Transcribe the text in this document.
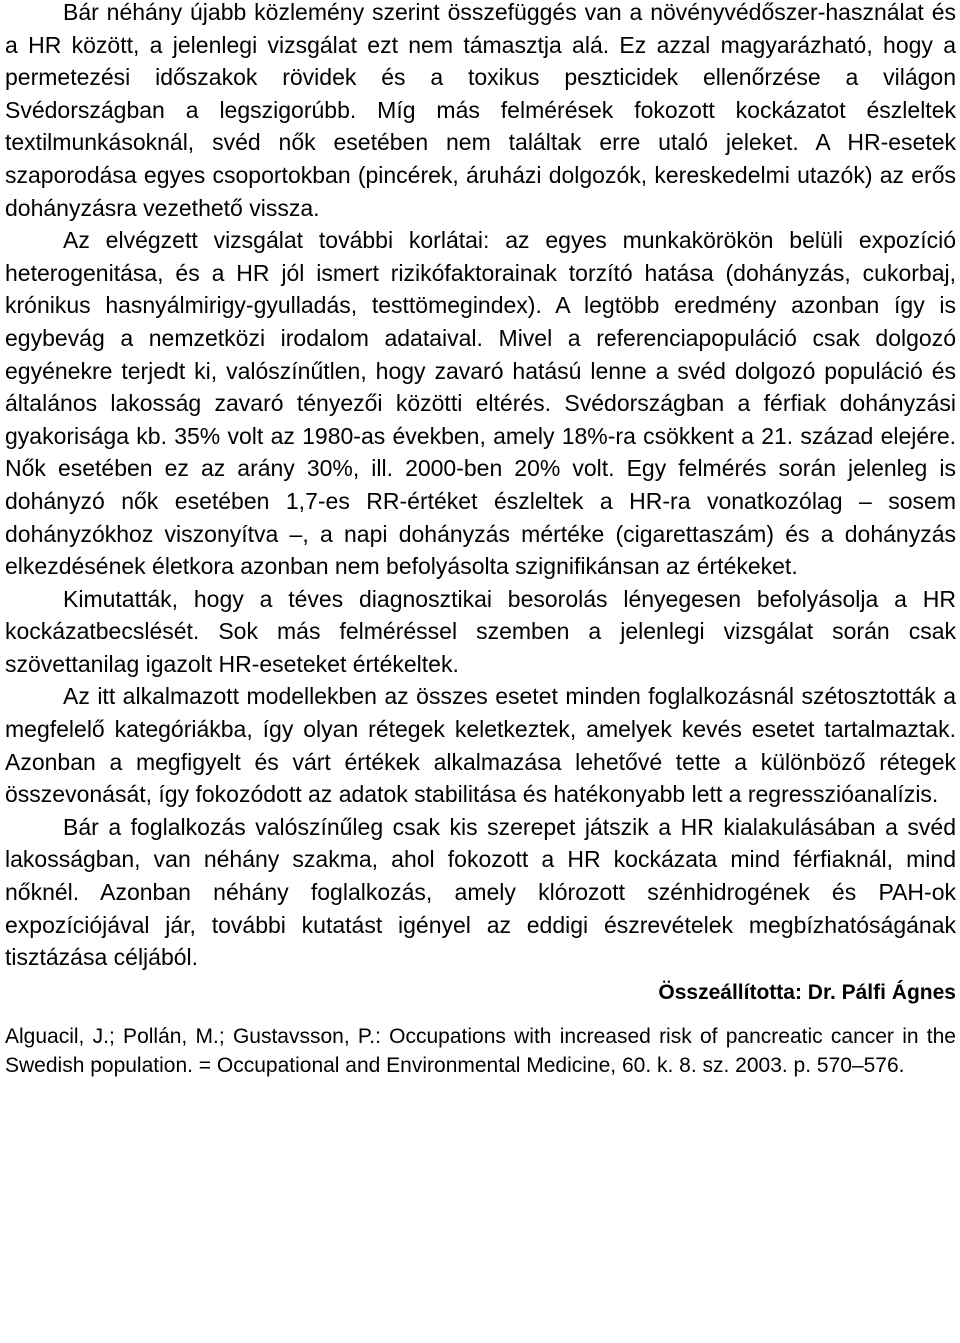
Bár néhány újabb közlemény szerint összefüggés van a növényvédőszer-használat és a HR között, a jelenlegi vizsgálat ezt nem támasztja alá. Ez azzal magyarázható, hogy a permetezési időszakok rövidek és a toxikus peszticidek ellenőrzése a világon Svédországban a legszigorúbb. Míg más felmérések fokozott kockázatot észleltek textilmunkásoknál, svéd nők esetében nem találtak erre utaló jeleket. A HR-esetek szaporodása egyes csoportokban (pincérek, áruházi dolgozók, kereskedelmi utazók) az erős dohányzásra vezethető vissza.

Az elvégzett vizsgálat további korlátai: az egyes munkakörökön belüli expozíció heterogenitása, és a HR jól ismert rizikófaktorainak torzító hatása (dohányzás, cukorbaj, krónikus hasnyálmirigy-gyulladás, testtömegindex). A legtöbb eredmény azonban így is egybevág a nemzetközi irodalom adataival. Mivel a referenciapopuláció csak dolgozó egyénekre terjedt ki, valószínűtlen, hogy zavaró hatású lenne a svéd dolgozó populáció és általános lakosság zavaró tényezői közötti eltérés. Svédországban a férfiak dohányzási gyakorisága kb. 35% volt az 1980-as években, amely 18%-ra csökkent a 21. század elejére. Nők esetében ez az arány 30%, ill. 2000-ben 20% volt. Egy felmérés során jelenleg is dohányzó nők esetében 1,7-es RR-értéket észleltek a HR-ra vonatkozólag – sosem dohányzókhoz viszonyítva –, a napi dohányzás mértéke (cigarettaszám) és a dohányzás elkezdésének életkora azonban nem befolyásolta szignifikánsan az értékeket.

Kimutatták, hogy a téves diagnosztikai besorolás lényegesen befolyásolja a HR kockázatbecslését. Sok más felméréssel szemben a jelenlegi vizsgálat során csak szövettanilag igazolt HR-eseteket értékeltek.

Az itt alkalmazott modellekben az összes esetet minden foglalkozásnál szétosztották a megfelelő kategóriákba, így olyan rétegek keletkeztek, amelyek kevés esetet tartalmaztak. Azonban a megfigyelt és várt értékek alkalmazása lehetővé tette a különböző rétegek összevonását, így fokozódott az adatok stabilitása és hatékonyabb lett a regresszióanalízis.

Bár a foglalkozás valószínűleg csak kis szerepet játszik a HR kialakulásában a svéd lakosságban, van néhány szakma, ahol fokozott a HR kockázata mind férfiaknál, mind nőknél. Azonban néhány foglalkozás, amely klórozott szénhidrogének és PAH-ok expozíciójával jár, további kutatást igényel az eddigi észrevételek megbízhatóságának tisztázása céljából.

Összeállította: Dr. Pálfi Ágnes
Alguacil, J.; Pollán, M.; Gustavsson, P.: Occupations with increased risk of pancreatic cancer in the Swedish population. = Occupational and Environmental Medicine, 60. k. 8. sz. 2003. p. 570–576.
